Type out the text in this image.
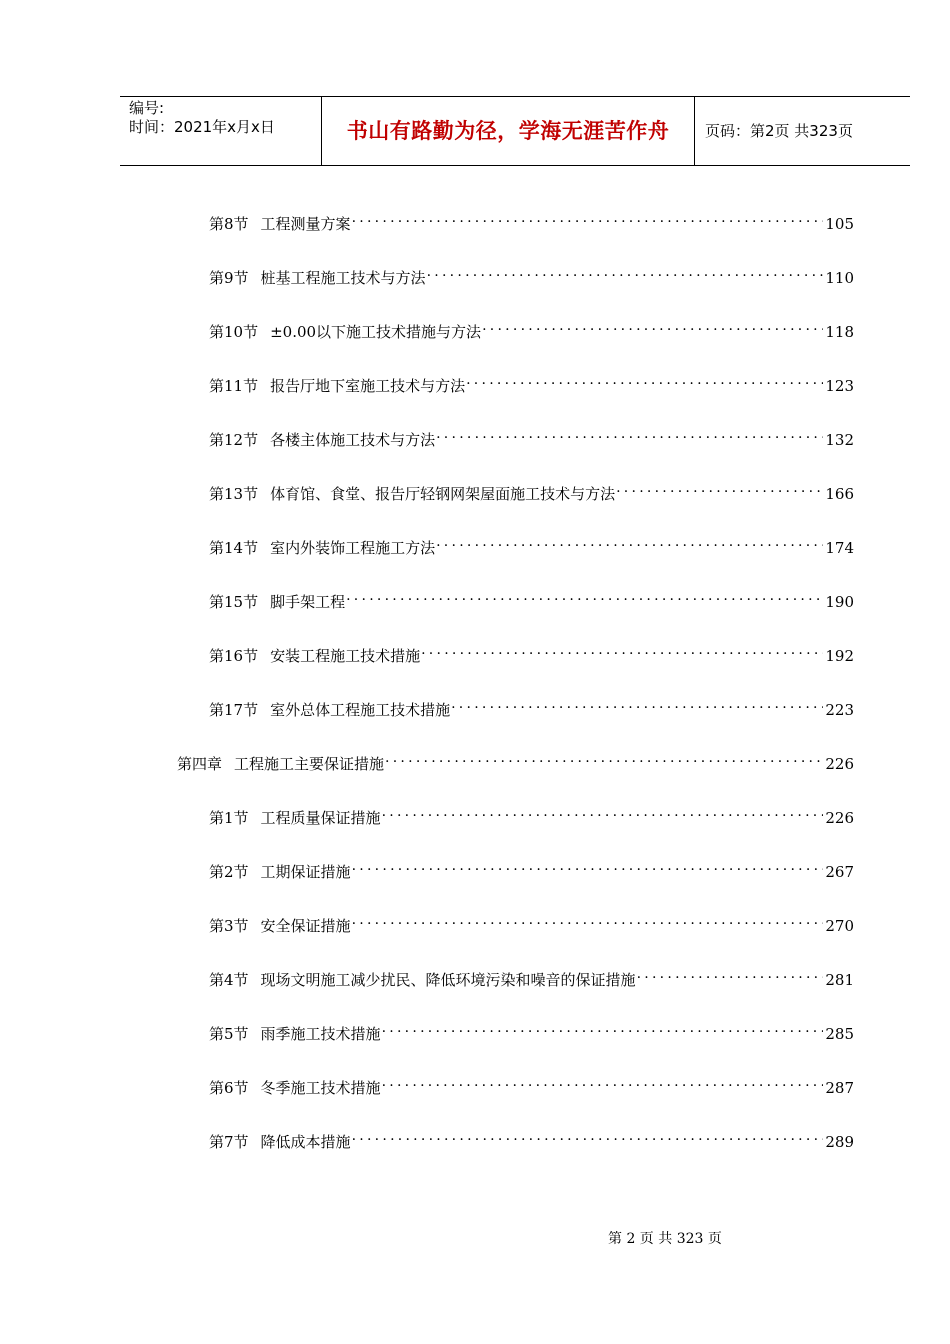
编号:
时间：2021年x月x日	书山有路勤为径，学海无涯苦作舟 页码：第2页 共323页
第8节 工程测量方案 . . .	105
第9节 桩基工程施工技术与方法 . . .	110
第10节 ±0.00以下施工技术措施与方法 . . .	118
第11节 报告厅地下室施工技术与方法 . . .	123
第12节 各楼主体施工技术与方法 . . .	132
第13节 体育馆、食堂、报告厅轻钢网架屋面施工技术与方法 . . .	166
第14节 室内外装饰工程施工方法 . . .	174
第15节 脚手架工程 . . .	190
第16节 安装工程施工技术措施 . . .	192
第17节 室外总体工程施工技术措施 . . .	223
第四章 工程施工主要保证措施 . . .	226
第1节 工程质量保证措施 . . .	226
第2节 工期保证措施 . . .	267
第3节 安全保证措施 . . .	270
第4节 现场文明施工减少扰民、降低环境污染和噪音的保证措施 . . .	281
第5节 雨季施工技术措施 . . .	285
第6节 冬季施工技术措施 . . .	287
第7节 降低成本措施 . . .	289
第 2 页 共 323 页
